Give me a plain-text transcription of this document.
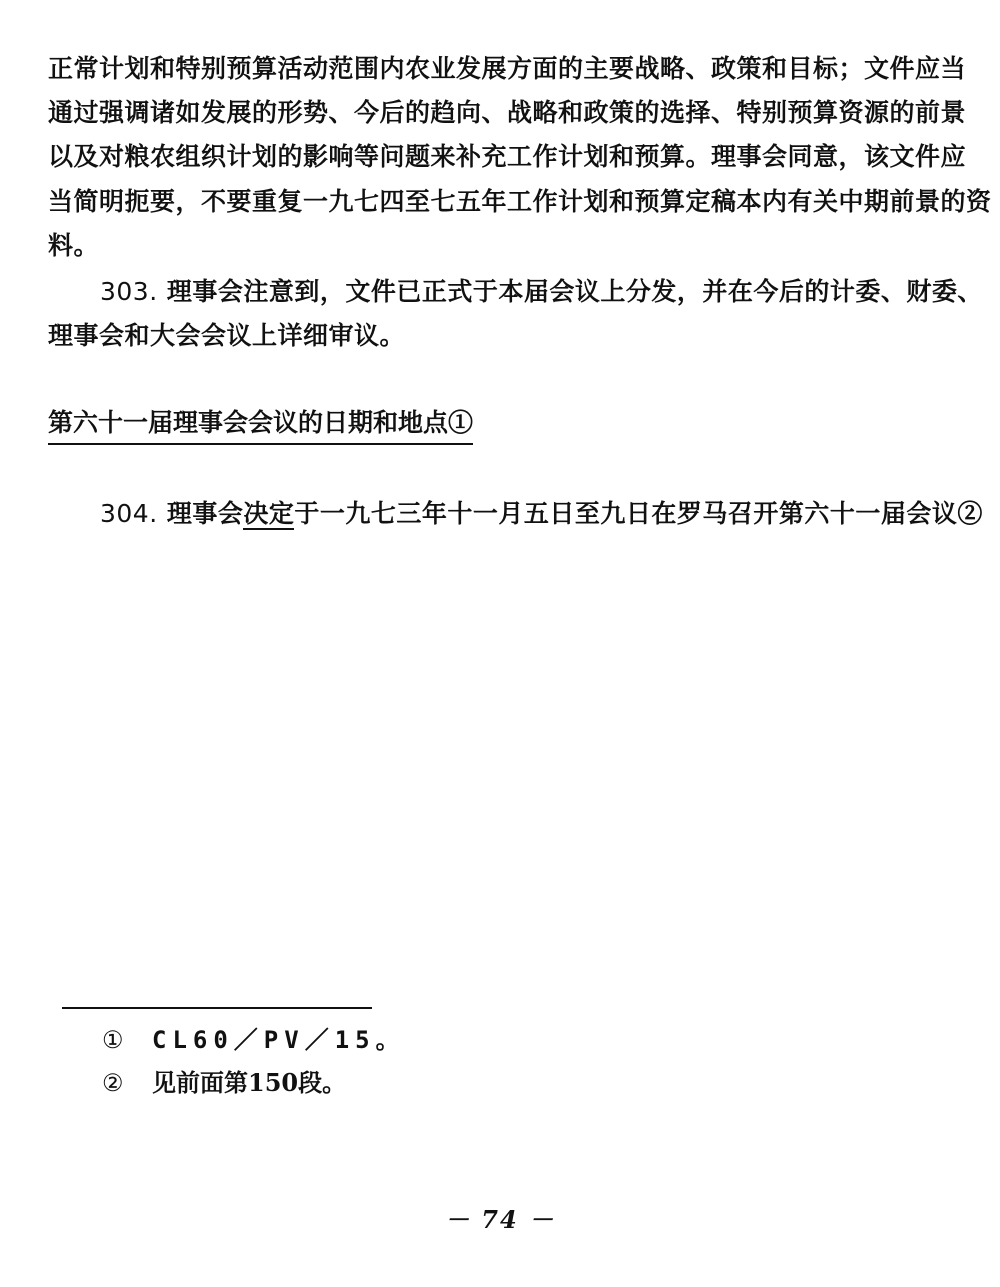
正常计划和特别预算活动范围内农业发展方面的主要战略、政策和目标；文件应当
通过强调诸如发展的形势、今后的趋向、战略和政策的选择、特别预算资源的前景
以及对粮农组织计划的影响等问题来补充工作计划和预算。理事会同意，该文件应
当简明扼要，不要重复一九七四至七五年工作计划和预算定稿本内有关中期前景的资
料。
303. 理事会注意到，文件已正式于本届会议上分发，并在今后的计委、财委、
理事会和大会会议上详细审议。
第六十一届理事会会议的日期和地点①
304. 理事会决定于一九七三年十一月五日至九日在罗马召开第六十一届会议②
① CL60／PV／15。
② 见前面第150段。
－ 74 －
